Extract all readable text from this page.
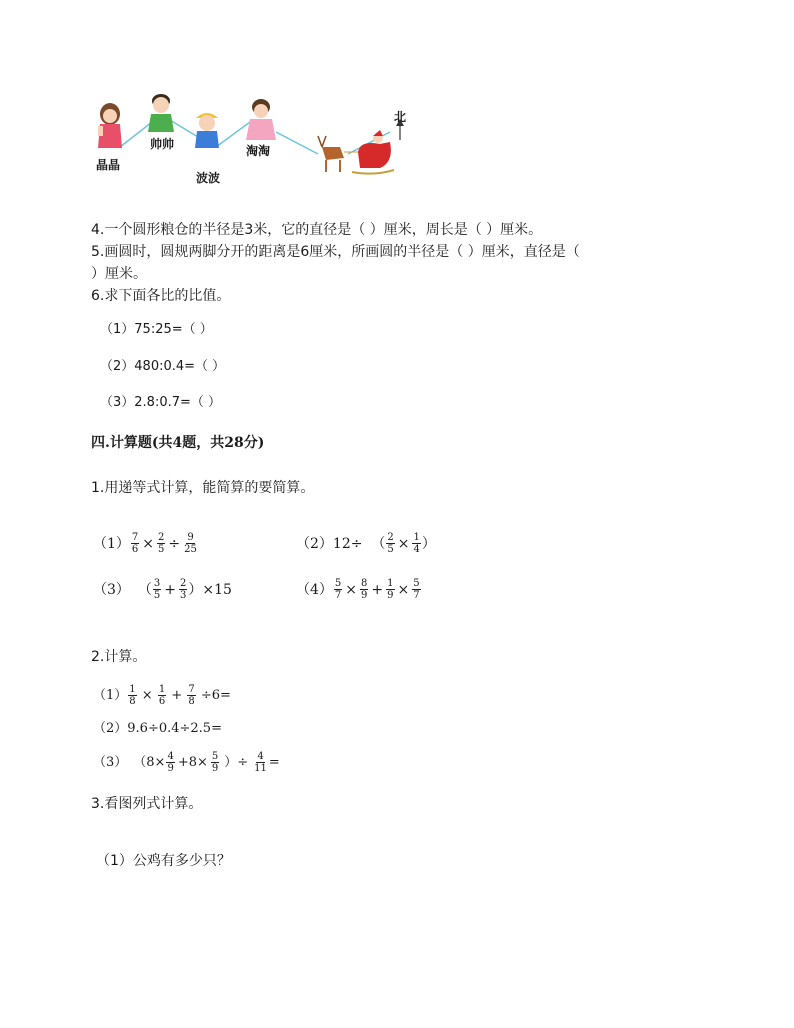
晶晶
帅帅
波波
淘淘
北
4.一个圆形粮仓的半径是3米，它的直径是（ ）厘米，周长是（ ）厘米。
5.画圆时，圆规两脚分开的距离是6厘米，所画圆的半径是（ ）厘米，直径是（
）厘米。
6.求下面各比的比值。
（1）75:25=（ ）
（2）480:0.4=（ ）
（3）2.8:0.7=（ ）
四.计算题(共4题，共28分)
1.用递等式计算，能简算的要简算。
$(1) \frac{7}{6} \times \frac{2}{5} \div \frac{9}{25}$	（2） 12÷  （ $\frac{2}{5} \times \frac{1}{4}$ ）
（3） （ $\frac{3}{5} + \frac{2}{3} )\times 15$	$(4) \frac{5}{7} \times \frac{8}{9} + \frac{1}{9} \times \frac{5}{7}$
2.计算。
$(1) \frac{1}{8} \times \frac{1}{6} + \frac{7}{8} \div 6=$
（2）9.6÷0.4÷2.5=
（3） （$8\times \frac{4}{9} +8\times \frac{5}{9}$ ）÷ $\frac{4}{11}$ =
3.看图列式计算。
（1）公鸡有多少只？
